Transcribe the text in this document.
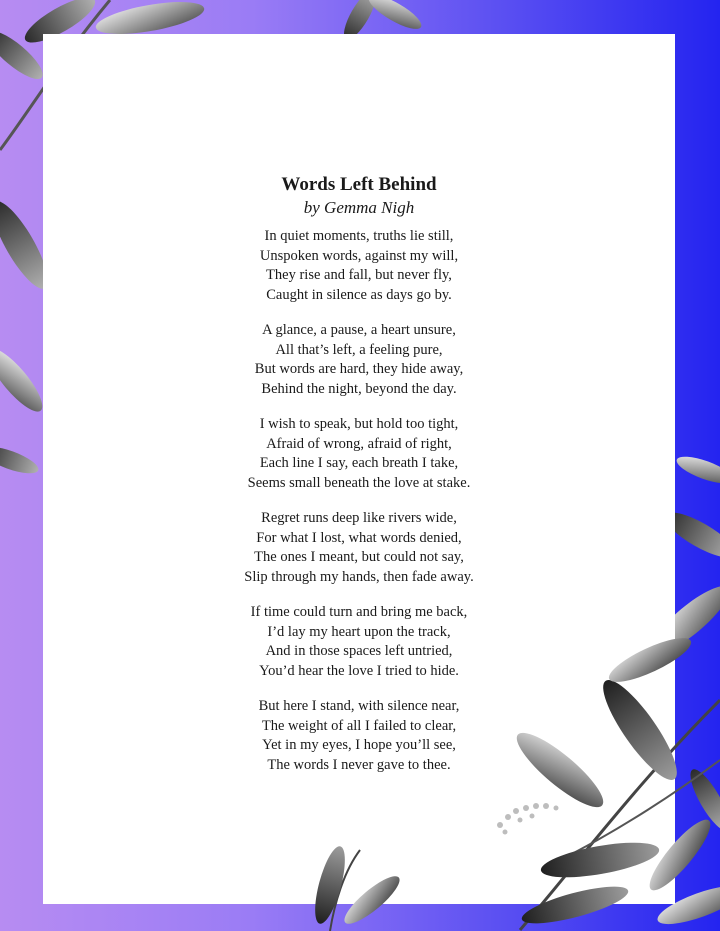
Words Left Behind
by Gemma Nigh
In quiet moments, truths lie still,
Unspoken words, against my will,
They rise and fall, but never fly,
Caught in silence as days go by.
A glance, a pause, a heart unsure,
All that’s left, a feeling pure,
But words are hard, they hide away,
Behind the night, beyond the day.
I wish to speak, but hold too tight,
Afraid of wrong, afraid of right,
Each line I say, each breath I take,
Seems small beneath the love at stake.
Regret runs deep like rivers wide,
For what I lost, what words denied,
The ones I meant, but could not say,
Slip through my hands, then fade away.
If time could turn and bring me back,
I’d lay my heart upon the track,
And in those spaces left untried,
You’d hear the love I tried to hide.
But here I stand, with silence near,
The weight of all I failed to clear,
Yet in my eyes, I hope you’ll see,
The words I never gave to thee.
